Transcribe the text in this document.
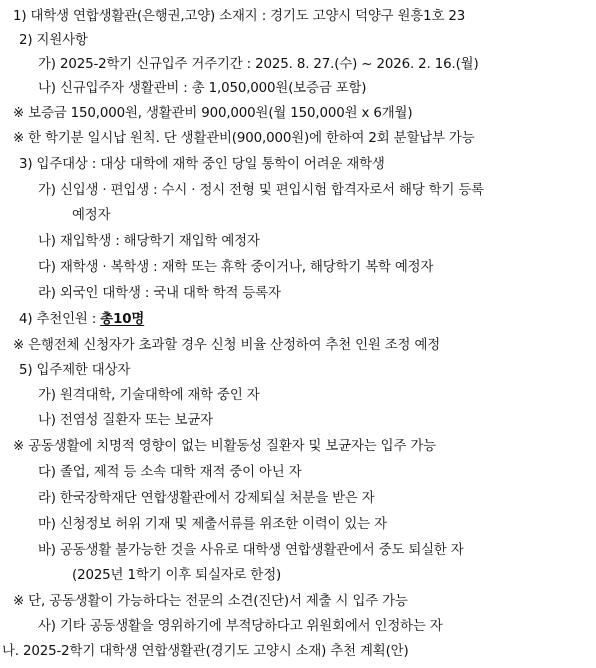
1) 대학생 연합생활관(은행권,고양) 소재지 : 경기도 고양시 덕양구 원흥1호 23
2) 지원사항
가) 2025-2학기 신규입주 거주기간 : 2025. 8. 27.(수) ~ 2026. 2. 16.(월)
나) 신규입주자 생활관비 : 총 1,050,000원(보증금 포함)
※ 보증금 150,000원, 생활관비 900,000원(월 150,000원 x 6개월)
※ 한 학기분 일시납 원칙. 단 생활관비(900,000원)에 한하여 2회 분할납부 가능
3) 입주대상 : 대상 대학에 재학 중인 당일 통학이 어려운 재학생
가) 신입생 · 편입생 : 수시 · 정시 전형 및 편입시험 합격자로서 해당 학기 등록
예정자
나) 재입학생 : 해당학기 재입학 예정자
다) 재학생 · 복학생 : 재학 또는 휴학 중이거나, 해당학기 복학 예정자
라) 외국인 대학생 : 국내 대학 학적 등록자
4) 추천인원 : 총10명
※ 은행전체 신청자가 초과할 경우 신청 비율 산정하여 추천 인원 조정 예정
5) 입주제한 대상자
가) 원격대학, 기술대학에 재학 중인 자
나) 전염성 질환자 또는 보균자
※ 공동생활에 치명적 영향이 없는 비활동성 질환자 및 보균자는 입주 가능
다) 졸업, 제적 등 소속 대학 재적 중이 아닌 자
라) 한국장학재단 연합생활관에서 강제퇴실 처분을 받은 자
마) 신청정보 허위 기재 및 제출서류를 위조한 이력이 있는 자
바) 공동생활 불가능한 것을 사유로 대학생 연합생활관에서 중도 퇴실한 자
(2025년 1학기 이후 퇴실자로 한정)
※ 단, 공동생활이 가능하다는 전문의 소견(진단)서 제출 시 입주 가능
사) 기타 공동생활을 영위하기에 부적당하다고 위원회에서 인정하는 자
나. 2025-2학기 대학생 연합생활관(경기도 고양시 소재) 추천 계획(안)
